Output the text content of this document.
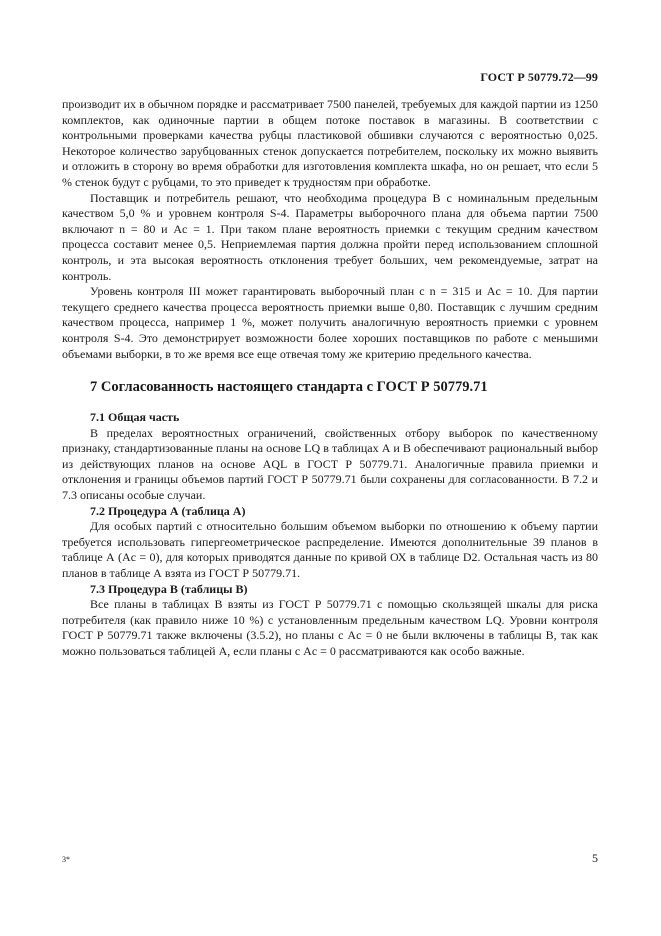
ГОСТ Р 50779.72—99

производит их в обычном порядке и рассматривает 7500 панелей, требуемых для каждой партии из 1250 комплектов, как одиночные партии в общем потоке поставок в магазины. В соответствии с контрольными проверками качества рубцы пластиковой обшивки случаются с вероятностью 0,025. Некоторое количество зарубцованных стенок допускается потребителем, поскольку их можно выявить и отложить в сторону во время обработки для изготовления комплекта шкафа, но он решает, что если 5 % стенок будут с рубцами, то это приведет к трудностям при обработке.

Поставщик и потребитель решают, что необходима процедура В с номинальным предельным качеством 5,0 % и уровнем контроля S-4. Параметры выборочного плана для объема партии 7500 включают n = 80 и Ac = 1. При таком плане вероятность приемки с текущим средним качеством процесса составит менее 0,5. Неприемлемая партия должна пройти перед использованием сплошной контроль, и эта высокая вероятность отклонения требует больших, чем рекомендуемые, затрат на контроль.

Уровень контроля III может гарантировать выборочный план с n = 315 и Ac = 10. Для партии текущего среднего качества процесса вероятность приемки выше 0,80. Поставщик с лучшим средним качеством процесса, например 1 %, может получить аналогичную вероятность приемки с уровнем контроля S-4. Это демонстрирует возможности более хороших поставщиков по работе с меньшими объемами выборки, в то же время все еще отвечая тому же критерию предельного качества.

7 Согласованность настоящего стандарта с ГОСТ Р 50779.71

7.1 Общая часть

В пределах вероятностных ограничений, свойственных отбору выборок по качественному признаку, стандартизованные планы на основе LQ в таблицах А и В обеспечивают рациональный выбор из действующих планов на основе AQL в ГОСТ Р 50779.71. Аналогичные правила приемки и отклонения и границы объемов партий ГОСТ Р 50779.71 были сохранены для согласованности. В 7.2 и 7.3 описаны особые случаи.

7.2 Процедура А (таблица А)

Для особых партий с относительно большим объемом выборки по отношению к объему партии требуется использовать гипергеометрическое распределение. Имеются дополнительные 39 планов в таблице А (Ac = 0), для которых приводятся данные по кривой ОХ в таблице D2. Остальная часть из 80 планов в таблице А взята из ГОСТ Р 50779.71.

7.3 Процедура В (таблицы В)

Все планы в таблицах В взяты из ГОСТ Р 50779.71 с помощью скользящей шкалы для риска потребителя (как правило ниже 10 %) с установленным предельным качеством LQ. Уровни контроля ГОСТ Р 50779.71 также включены (3.5.2), но планы с Ac = 0 не были включены в таблицы В, так как можно пользоваться таблицей А, если планы с Ac = 0 рассматриваются как особо важные.

3*	5
